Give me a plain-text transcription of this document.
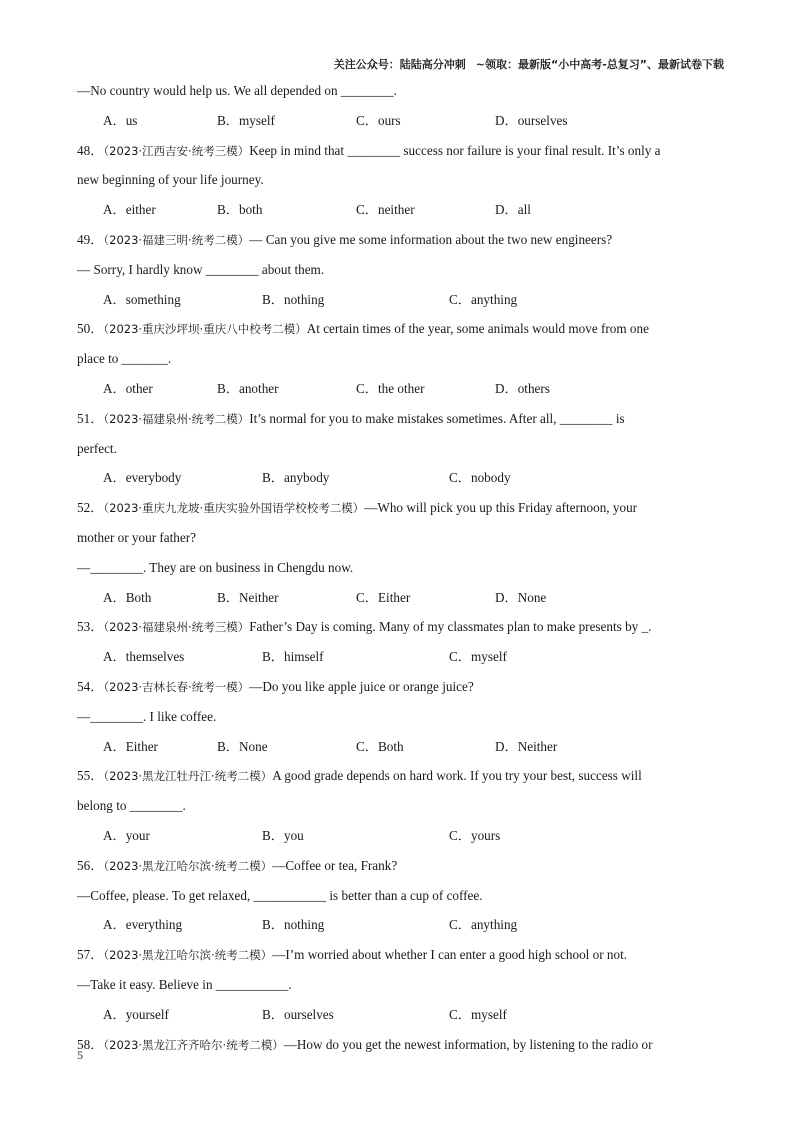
关注公众号：陆陆高分冲刺 ~领取：最新版“小中高考-总复习”、最新试卷下载
—No country would help us. We all depended on ________.
A．us	B．myself	C．ours	D．ourselves
48．（2023·江西吉安·统考三模）Keep in mind that ________ success nor failure is your final result. It’s only a
new beginning of your life journey.
A．either	B．both	C．neither	D．all
49．（2023·福建三明·统考二模）— Can you give me some information about the two new engineers?
— Sorry, I hardly know ________ about them.
A．something	B．nothing	C．anything
50．（2023·重庆沙坪坝·重庆八中校考二模）At certain times of the year, some animals would move from one
place to _______.
A．other	B．another	C．the other	D．others
51．（2023·福建泉州·统考二模）It’s normal for you to make mistakes sometimes. After all, ________ is
perfect.
A．everybody	B．anybody	C．nobody
52．（2023·重庆九龙坡·重庆实验外国语学校校考二模）—Who will pick you up this Friday afternoon, your
mother or your father?
—________. They are on business in Chengdu now.
A．Both	B．Neither	C．Either	D．None
53．（2023·福建泉州·统考三模）Father’s Day is coming. Many of my classmates plan to make presents by _.
A．themselves	B．himself	C．myself
54．（2023·吉林长春·统考一模）—Do you like apple juice or orange juice?
—________. I like coffee.
A．Either	B．None	C．Both	D．Neither
55．（2023·黑龙江牡丹江·统考二模）A good grade depends on hard work. If you try your best, success will
belong to ________.
A．your	B．you	C．yours
56．（2023·黑龙江哈尔滨·统考二模）—Coffee or tea, Frank?
—Coffee, please. To get relaxed, ___________ is better than a cup of coffee.
A．everything	B．nothing	C．anything
57．（2023·黑龙江哈尔滨·统考二模）—I’m worried about whether I can enter a good high school or not.
—Take it easy. Believe in ___________.
A．yourself	B．ourselves	C．myself
58．（2023·黑龙江齐齐哈尔·统考二模）—How do you get the newest information, by listening to the radio or
5
